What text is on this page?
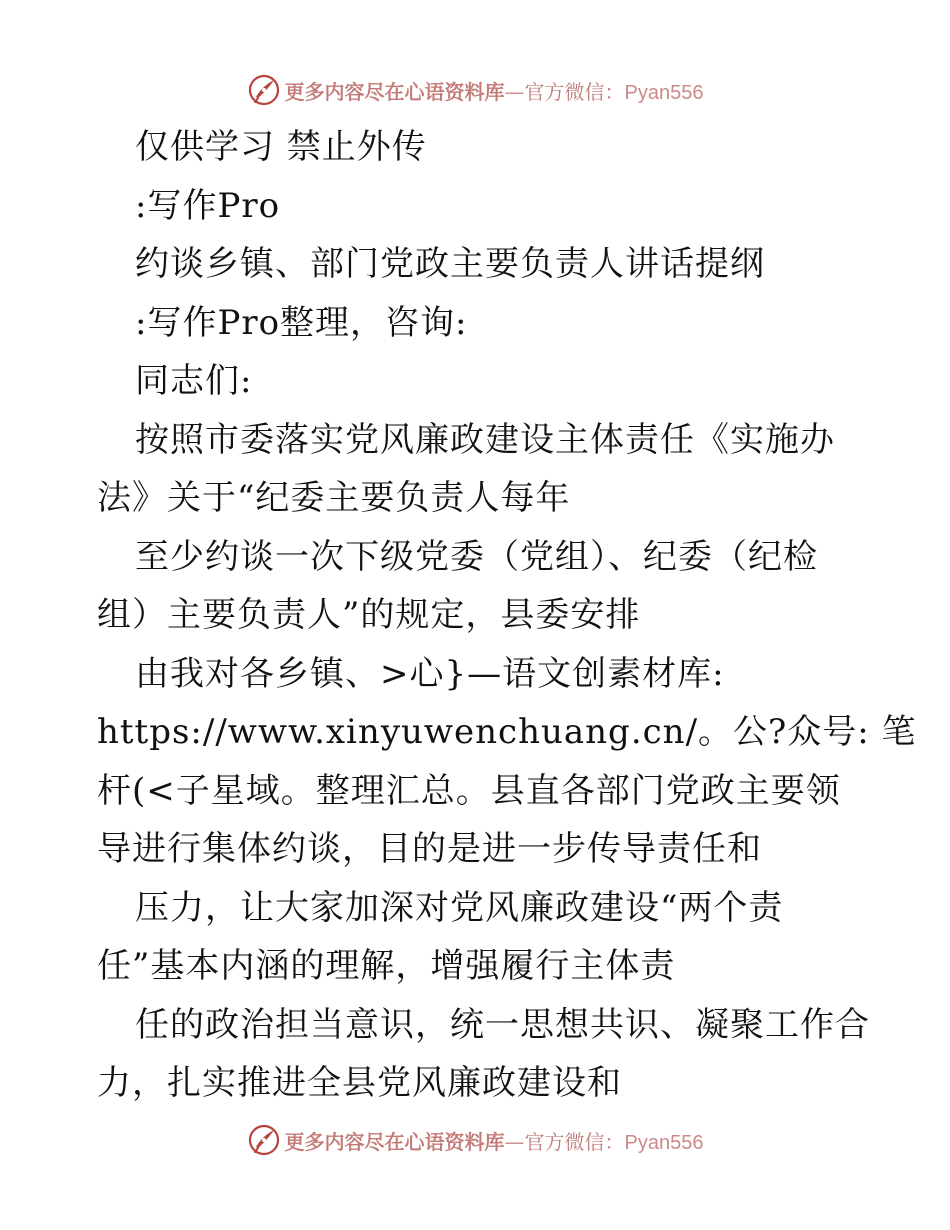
更多内容尽在心语资料库—官方微信：Pyan556
仅供学习 禁止外传
:写作Pro
约谈乡镇、部门党政主要负责人讲话提纲
:写作Pro整理，咨询:
同志们:
按照市委落实党风廉政建设主体责任《实施办
法》关于“纪委主要负责人每年
至少约谈一次下级党委（党组）、纪委（纪检
组）主要负责人”的规定，县委安排
由我对各乡镇、>心}—语文创素材库:
https://www.xinyuwenchuang.cn/。公?众号: 笔
杆(<子星域。整理汇总。县直各部门党政主要领
导进行集体约谈，目的是进一步传导责任和
压力，让大家加深对党风廉政建设“两个责
任”基本内涵的理解，增强履行主体责
任的政治担当意识，统一思想共识、凝聚工作合
力，扎实推进全县党风廉政建设和
更多内容尽在心语资料库—官方微信：Pyan556
